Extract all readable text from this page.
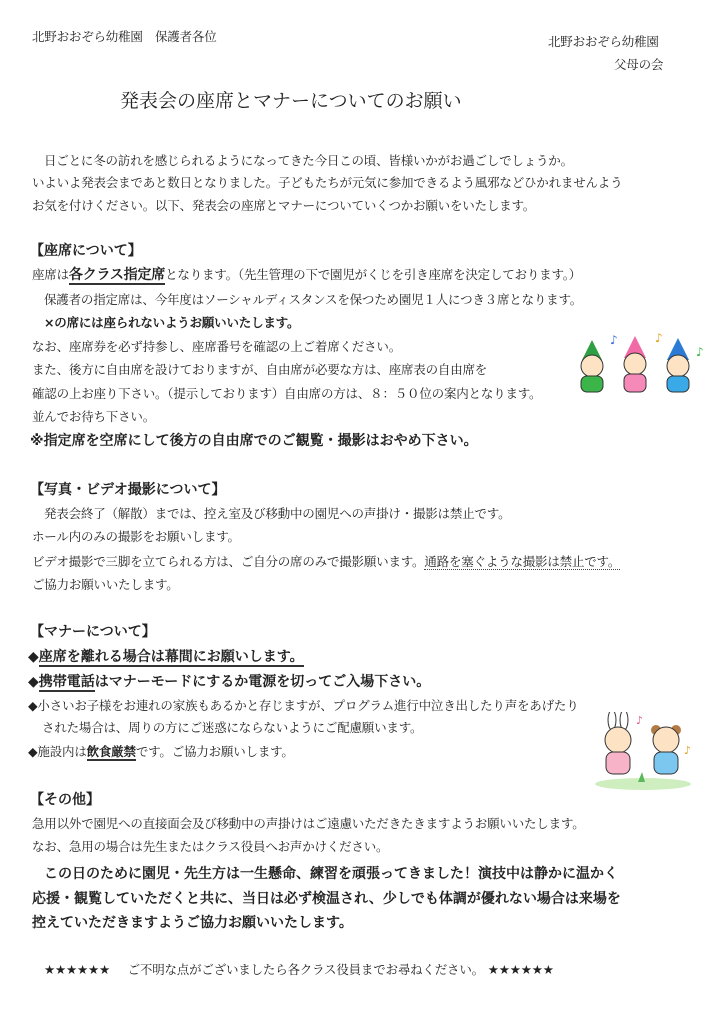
北野おおぞら幼稚園　保護者各位	北野おおぞら幼稚園
父母の会
発表会の座席とマナーについてのお願い
日ごとに冬の訪れを感じられるようになってきた今日この頃、皆様いかがお過ごしでしょうか。
いよいよ発表会まであと数日となりました。子どもたちが元気に参加できるよう風邪などひかれませんよう
お気を付けください。以下、発表会の座席とマナーについていくつかお願いをいたします。
【座席について】
座席は各クラス指定席となります。（先生管理の下で園児がくじを引き座席を決定しております。）
保護者の指定席は、今年度はソーシャルディスタンスを保つため園児１人につき３席となります。
×の席には座られないようお願いいたします。
なお、座席券を必ず持参し、座席番号を確認の上ご着席ください。
また、後方に自由席を設けておりますが、自由席が必要な方は、座席表の自由席を
確認の上お座り下さい。（提示しております）自由席の方は、８：５０位の案内となります。
並んでお待ち下さい。
※指定席を空席にして後方の自由席でのご観覧・撮影はおやめ下さい。
♪	♪
♪
【写真・ビデオ撮影について】
発表会終了（解散）までは、控え室及び移動中の園児への声掛け・撮影は禁止です。
ホール内のみの撮影をお願いします。
ビデオ撮影で三脚を立てられる方は、ご自分の席のみで撮影願います。通路を塞ぐような撮影は禁止です。
ご協力お願いいたします。
【マナーについて】
◆座席を離れる場合は幕間にお願いします。
◆携帯電話はマナーモードにするか電源を切ってご入場下さい。
◆小さいお子様をお連れの家族もあるかと存じますが、プログラム進行中泣き出したり声をあげたり
された場合は、周りの方にご迷惑にならないようにご配慮願います。
◆施設内は飲食厳禁です。ご協力お願いします。
♪
♪
【その他】
急用以外で園児への直接面会及び移動中の声掛けはご遠慮いただきたきますようお願いいたします。
なお、急用の場合は先生またはクラス役員へお声かけください。
この日のために園児・先生方は一生懸命、練習を頑張ってきました！演技中は静かに温かく
応援・観覧していただくと共に、当日は必ず検温され、少しでも体調が優れない場合は来場を
控えていただきますようご協力お願いいたします。
★★★★★★ ご不明な点がございましたら各クラス役員までお尋ねください。 ★★★★★★
